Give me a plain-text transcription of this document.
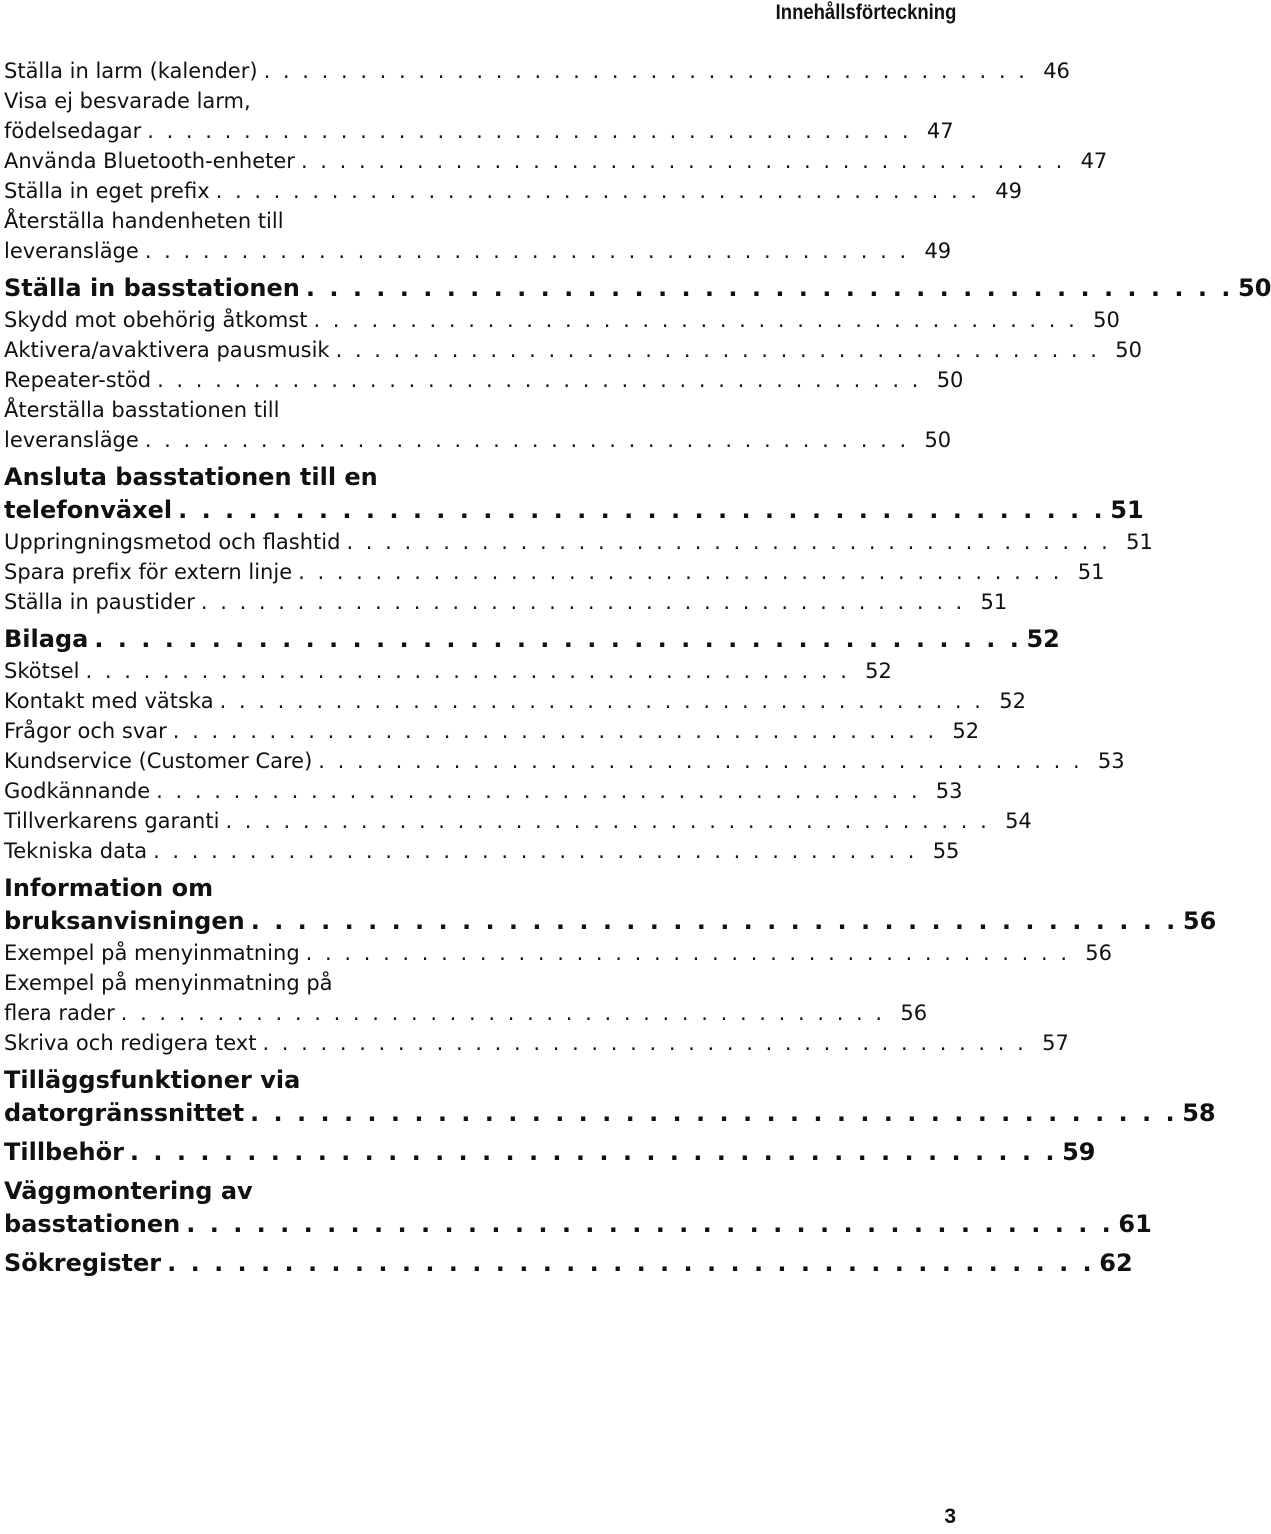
Innehållsförteckning
Ställa in larm (kalender) . . . . . . . . . . . . . . . . . . . . . . . . . . . . . . . . . . . . . . . . 46
Visa ej besvarade larm,
födelsedagar . . . . . . . . . . . . . . . . . . . . . . . . . . . . . . . . . . . . . . . . 47
Använda Bluetooth-enheter . . . . . . . . . . . . . . . . . . . . . . . . . . . . . . . . . . . . . . . . 47
Ställa in eget prefix . . . . . . . . . . . . . . . . . . . . . . . . . . . . . . . . . . . . . . . . 49
Återställa handenheten till
leveransläge . . . . . . . . . . . . . . . . . . . . . . . . . . . . . . . . . . . . . . . . 49
Ställa in basstationen . . . . . . . . . . . . . . . . . . . . . . . . . . . . . . . . . . . . . . . . 50
Skydd mot obehörig åtkomst . . . . . . . . . . . . . . . . . . . . . . . . . . . . . . . . . . . . . . . . 50
Aktivera/avaktivera pausmusik . . . . . . . . . . . . . . . . . . . . . . . . . . . . . . . . . . . . . . . . 50
Repeater-stöd . . . . . . . . . . . . . . . . . . . . . . . . . . . . . . . . . . . . . . . . 50
Återställa basstationen till
leveransläge . . . . . . . . . . . . . . . . . . . . . . . . . . . . . . . . . . . . . . . . 50
Ansluta basstationen till en
telefonväxel . . . . . . . . . . . . . . . . . . . . . . . . . . . . . . . . . . . . . . . . 51
Uppringningsmetod och flashtid . . . . . . . . . . . . . . . . . . . . . . . . . . . . . . . . . . . . . . . . 51
Spara prefix för extern linje . . . . . . . . . . . . . . . . . . . . . . . . . . . . . . . . . . . . . . . . 51
Ställa in paustider . . . . . . . . . . . . . . . . . . . . . . . . . . . . . . . . . . . . . . . . 51
Bilaga . . . . . . . . . . . . . . . . . . . . . . . . . . . . . . . . . . . . . . . . 52
Skötsel . . . . . . . . . . . . . . . . . . . . . . . . . . . . . . . . . . . . . . . . 52
Kontakt med vätska . . . . . . . . . . . . . . . . . . . . . . . . . . . . . . . . . . . . . . . . 52
Frågor och svar . . . . . . . . . . . . . . . . . . . . . . . . . . . . . . . . . . . . . . . . 52
Kundservice (Customer Care) . . . . . . . . . . . . . . . . . . . . . . . . . . . . . . . . . . . . . . . . 53
Godkännande . . . . . . . . . . . . . . . . . . . . . . . . . . . . . . . . . . . . . . . . 53
Tillverkarens garanti . . . . . . . . . . . . . . . . . . . . . . . . . . . . . . . . . . . . . . . . 54
Tekniska data . . . . . . . . . . . . . . . . . . . . . . . . . . . . . . . . . . . . . . . . 55
Information om
bruksanvisningen . . . . . . . . . . . . . . . . . . . . . . . . . . . . . . . . . . . . . . . . 56
Exempel på menyinmatning . . . . . . . . . . . . . . . . . . . . . . . . . . . . . . . . . . . . . . . . 56
Exempel på menyinmatning på
flera rader . . . . . . . . . . . . . . . . . . . . . . . . . . . . . . . . . . . . . . . . 56
Skriva och redigera text . . . . . . . . . . . . . . . . . . . . . . . . . . . . . . . . . . . . . . . . 57
Tilläggsfunktioner via
datorgränssnittet . . . . . . . . . . . . . . . . . . . . . . . . . . . . . . . . . . . . . . . . 58
Tillbehör . . . . . . . . . . . . . . . . . . . . . . . . . . . . . . . . . . . . . . . . 59
Väggmontering av
basstationen . . . . . . . . . . . . . . . . . . . . . . . . . . . . . . . . . . . . . . . . 61
Sökregister . . . . . . . . . . . . . . . . . . . . . . . . . . . . . . . . . . . . . . . . 62
3
